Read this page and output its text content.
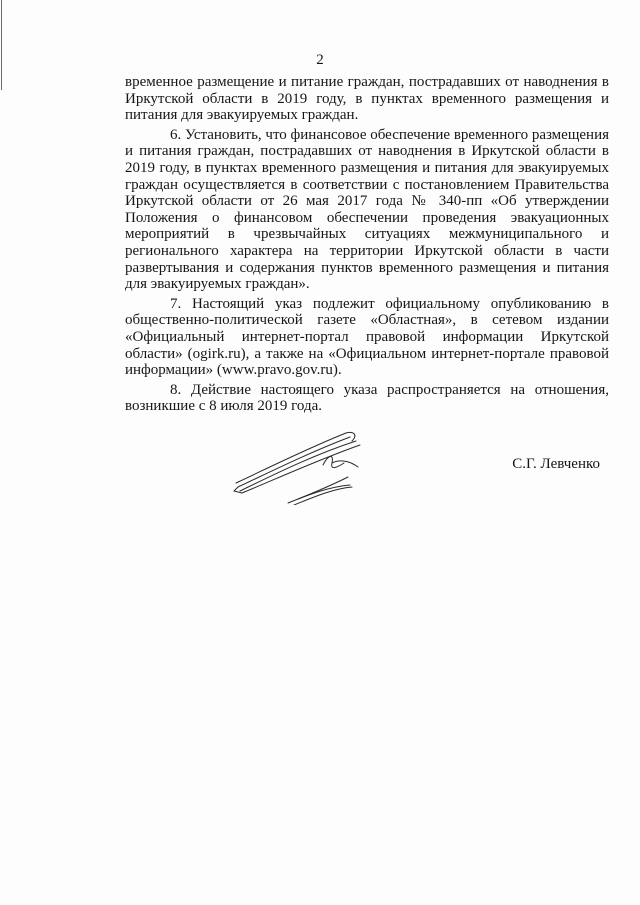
2

временное размещение и питание граждан, пострадавших от наводнения в Иркутской области в 2019 году, в пунктах временного размещения и питания для эвакуируемых граждан.

6. Установить, что финансовое обеспечение временного размещения и питания граждан, пострадавших от наводнения в Иркутской области в 2019 году, в пунктах временного размещения и питания для эвакуируемых граждан осуществляется в соответствии с постановлением Правительства Иркутской области от 26 мая 2017 года № 340-пп «Об утверждении Положения о финансовом обеспечении проведения эвакуационных мероприятий в чрезвычайных ситуациях межмуниципального и регионального характера на территории Иркутской области в части развертывания и содержания пунктов временного размещения и питания для эвакуируемых граждан».

7. Настоящий указ подлежит официальному опубликованию в общественно-политической газете «Областная», в сетевом издании «Официальный интернет-портал правовой информации Иркутской области» (ogirk.ru), а также на «Официальном интернет-портале правовой информации» (www.pravo.gov.ru).

8. Действие настоящего указа распространяется на отношения, возникшие с 8 июля 2019 года.

С.Г. Левченко
